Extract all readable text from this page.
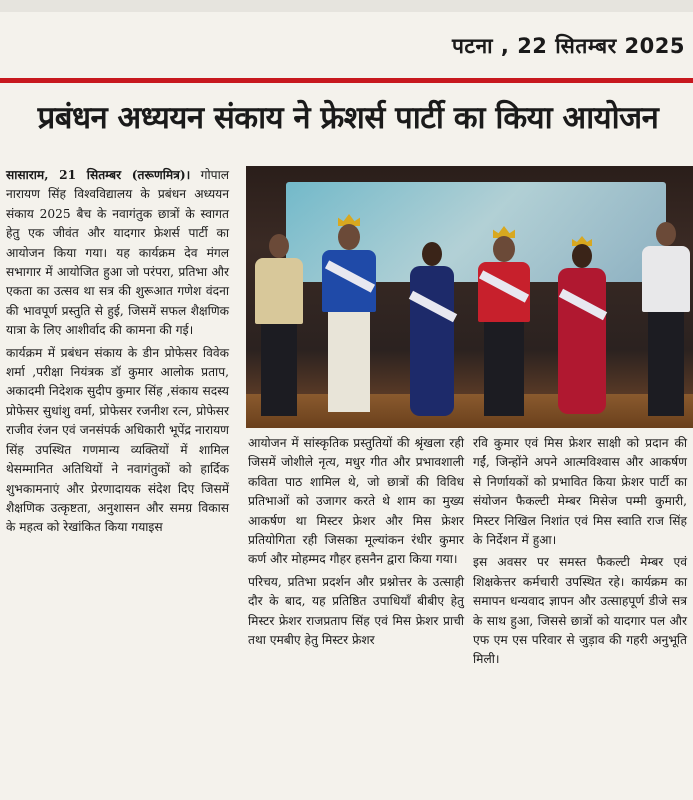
पटना , 22 सितम्बर 2025
प्रबंधन अध्ययन संकाय ने फ्रेशर्स पार्टी का किया आयोजन

सासाराम, 21 सितम्बर (तरूणमित्र)। गोपाल नारायण सिंह विश्वविद्यालय के प्रबंधन अध्ययन संकाय 2025 बैच के नवागंतुक छात्रों के स्वागत हेतु एक जीवंत और यादगार फ्रेशर्स पार्टी का आयोजन किया गया। यह कार्यक्रम देव मंगल सभागार में आयोजित हुआ जो परंपरा, प्रतिभा और एकता का उत्सव था सत्र की शुरूआत गणेश वंदना की भावपूर्ण प्रस्तुति से हुई, जिसमें सफल शैक्षणिक यात्रा के लिए आशीर्वाद की कामना की गई।

कार्यक्रम में प्रबंधन संकाय के डीन प्रोफेसर विवेक शर्मा ,परीक्षा नियंत्रक डॉ कुमार आलोक प्रताप, अकादमी निदेशक सुदीप कुमार सिंह ,संकाय सदस्य प्रोफेसर सुधांशु वर्मा, प्रोफेसर रजनीश रत्न, प्रोफेसर राजीव रंजन एवं जनसंपर्क अधिकारी भूपेंद्र नारायण सिंह उपस्थित गणमान्य व्यक्तियों में शामिल थेसम्मानित अतिथियों ने नवागंतुकों को हार्दिक शुभकामनाएं और प्रेरणादायक संदेश दिए जिसमें शैक्षणिक उत्कृष्टता, अनुशासन और समग्र विकास के महत्व को रेखांकित किया गयाइस

आयोजन में सांस्कृतिक प्रस्तुतियों की श्रृंखला रही जिसमें जोशीले नृत्य, मधुर गीत और प्रभावशाली कविता पाठ शामिल थे, जो छात्रों की विविध प्रतिभाओं को उजागर करते थे शाम का मुख्य आकर्षण था मिस्टर फ्रेशर और मिस फ्रेशर प्रतियोगिता रही जिसका मूल्यांकन रंधीर कुमार कर्ण और मोहम्मद गौहर हसनैन द्वारा किया गया।

परिचय, प्रतिभा प्रदर्शन और प्रश्नोत्तर के उत्साही दौर के बाद, यह प्रतिष्ठित उपाधियाँ बीबीए हेतु मिस्टर फ्रेशर राजप्रताप सिंह एवं मिस फ्रेशर प्राची तथा एमबीए हेतु मिस्टर फ्रेशर

रवि कुमार एवं मिस फ्रेशर साक्षी को प्रदान की गईं, जिन्होंने अपने आत्मविश्वास और आकर्षण से निर्णायकों को प्रभावित किया फ्रेशर पार्टी का संयोजन फैकल्टी मेम्बर मिसेज पम्मी कुमारी, मिस्टर निखिल निशांत एवं मिस स्वाति राज सिंह के निर्देशन में हुआ।

इस अवसर पर समस्त फैकल्टी मेम्बर एवं शिक्षकेत्तर कर्मचारी उपस्थित रहे। कार्यक्रम का समापन धन्यवाद ज्ञापन और उत्साहपूर्ण डीजे सत्र के साथ हुआ, जिससे छात्रों को यादगार पल और एफ एम एस परिवार से जुड़ाव की गहरी अनुभूति मिली।
